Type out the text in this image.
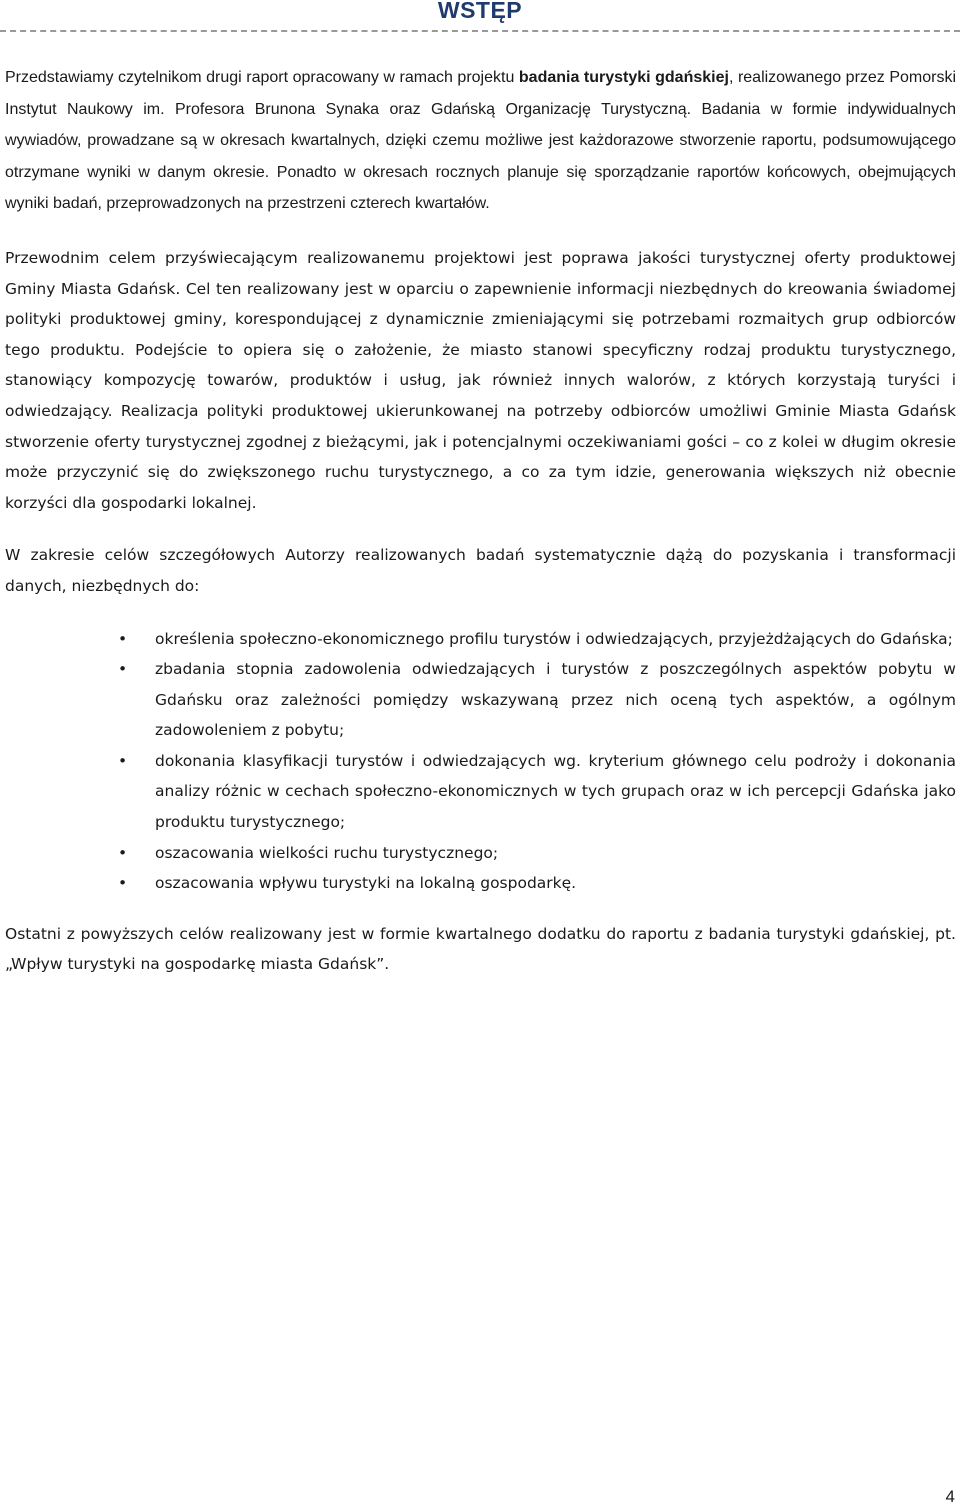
WSTĘP

Przedstawiamy czytelnikom drugi raport opracowany w ramach projektu badania turystyki gdańskiej, realizowanego przez Pomorski Instytut Naukowy im. Profesora Brunona Synaka oraz Gdańską Organizację Turystyczną. Badania w formie indywidualnych wywiadów, prowadzane są w okresach kwartalnych, dzięki czemu możliwe jest każdorazowe stworzenie raportu, podsumowującego otrzymane wyniki w danym okresie. Ponadto w okresach rocznych planuje się sporządzanie raportów końcowych, obejmujących wyniki badań, przeprowadzonych na przestrzeni czterech kwartałów.

Przewodnim celem przyświecającym realizowanemu projektowi jest poprawa jakości turystycznej oferty produktowej Gminy Miasta Gdańsk. Cel ten realizowany jest w oparciu o zapewnienie informacji niezbędnych do kreowania świadomej polityki produktowej gminy, korespondującej z dynamicznie zmieniającymi się potrzebami rozmaitych grup odbiorców tego produktu. Podejście to opiera się o założenie, że miasto stanowi specyficzny rodzaj produktu turystycznego, stanowiący kompozycję towarów, produktów i usług, jak również innych walorów, z których korzystają turyści i odwiedzający. Realizacja polityki produktowej ukierunkowanej na potrzeby odbiorców umożliwi Gminie Miasta Gdańsk stworzenie oferty turystycznej zgodnej z bieżącymi, jak i potencjalnymi oczekiwaniami gości – co z kolei w długim okresie może przyczynić się do zwiększonego ruchu turystycznego, a co za tym idzie, generowania większych niż obecnie korzyści dla gospodarki lokalnej.

W zakresie celów szczegółowych Autorzy realizowanych badań systematycznie dążą do pozyskania i transformacji danych, niezbędnych do:

• określenia społeczno-ekonomicznego profilu turystów i odwiedzających, przyjeżdżających do Gdańska;
• zbadania stopnia zadowolenia odwiedzających i turystów z poszczególnych aspektów pobytu w Gdańsku oraz zależności pomiędzy wskazywaną przez nich oceną tych aspektów, a ogólnym zadowoleniem z pobytu;
• dokonania klasyfikacji turystów i odwiedzających wg. kryterium głównego celu podroży i dokonania analizy różnic w cechach społeczno-ekonomicznych w tych grupach oraz w ich percepcji Gdańska jako produktu turystycznego;
• oszacowania wielkości ruchu turystycznego;
• oszacowania wpływu turystyki na lokalną gospodarkę.

Ostatni z powyższych celów realizowany jest w formie kwartalnego dodatku do raportu z badania turystyki gdańskiej, pt. „Wpływ turystyki na gospodarkę miasta Gdańsk”.

4
